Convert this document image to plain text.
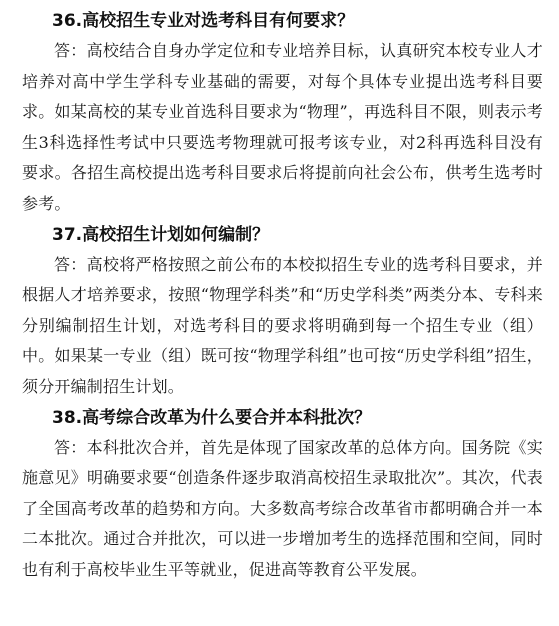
36.高校招生专业对选考科目有何要求？

答：高校结合自身办学定位和专业培养目标，认真研究本校专业人才培养对高中学生学科专业基础的需要，对每个具体专业提出选考科目要求。如某高校的某专业首选科目要求为“物理”，再选科目不限，则表示考生3科选择性考试中只要选考物理就可报考该专业，对2科再选科目没有要求。各招生高校提出选考科目要求后将提前向社会公布，供考生选考时参考。

37.高校招生计划如何编制？

答：高校将严格按照之前公布的本校拟招生专业的选考科目要求，并根据人才培养要求，按照“物理学科类”和“历史学科类”两类分本、专科来分别编制招生计划，对选考科目的要求将明确到每一个招生专业（组）中。如果某一专业（组）既可按“物理学科组”也可按“历史学科组”招生，须分开编制招生计划。

38.高考综合改革为什么要合并本科批次？

答：本科批次合并，首先是体现了国家改革的总体方向。国务院《实施意见》明确要求要“创造条件逐步取消高校招生录取批次”。其次，代表了全国高考改革的趋势和方向。大多数高考综合改革省市都明确合并一本二本批次。通过合并批次，可以进一步增加考生的选择范围和空间，同时也有利于高校毕业生平等就业，促进高等教育公平发展。
